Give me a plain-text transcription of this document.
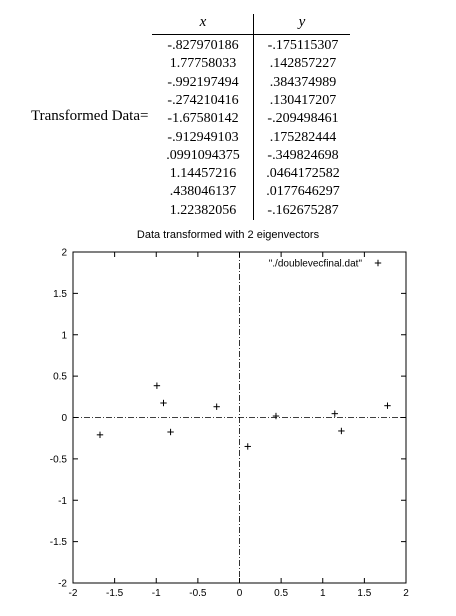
Transformed Data=
x	y
-.827970186	-.175115307
1.77758033	.142857227
-.992197494	.384374989
-.274210416	.130417207
-1.67580142	-.209498461
-.912949103	.175282444
.0991094375	-.349824698
1.14457216	.0464172582
.438046137	.0177646297
1.22382056	-.162675287
Data transformed with 2 eigenvectors
-2	-1.5	-1	-0.5	0	0.5	1	1.5	2
-2
-1.5
-1
-0.5
0
0.5
1
1.5
2
"./doublevecfinal.dat"
